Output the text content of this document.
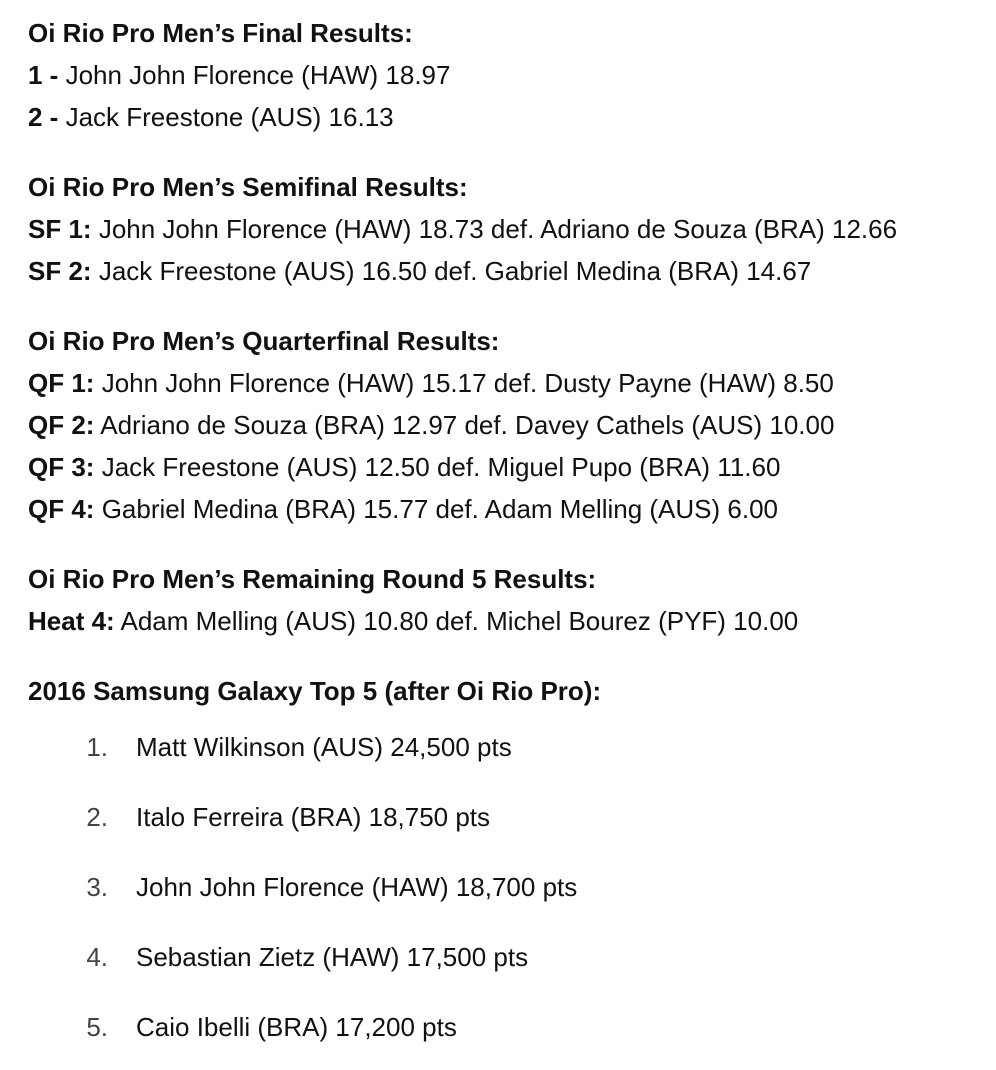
Oi Rio Pro Men’s Final Results:
1 - John John Florence (HAW) 18.97
2 - Jack Freestone (AUS) 16.13
Oi Rio Pro Men’s Semifinal Results:
SF 1: John John Florence (HAW) 18.73 def. Adriano de Souza (BRA) 12.66
SF 2: Jack Freestone (AUS) 16.50 def. Gabriel Medina (BRA) 14.67
Oi Rio Pro Men’s Quarterfinal Results:
QF 1: John John Florence (HAW) 15.17 def. Dusty Payne (HAW) 8.50
QF 2: Adriano de Souza (BRA) 12.97 def. Davey Cathels (AUS) 10.00
QF 3: Jack Freestone (AUS) 12.50 def. Miguel Pupo (BRA) 11.60
QF 4: Gabriel Medina (BRA) 15.77 def. Adam Melling (AUS) 6.00
Oi Rio Pro Men’s Remaining Round 5 Results:
Heat 4: Adam Melling (AUS) 10.80 def. Michel Bourez (PYF) 10.00
2016 Samsung Galaxy Top 5 (after Oi Rio Pro):
1. Matt Wilkinson (AUS) 24,500 pts
2. Italo Ferreira (BRA) 18,750 pts
3. John John Florence (HAW) 18,700 pts
4. Sebastian Zietz (HAW) 17,500 pts
5. Caio Ibelli (BRA) 17,200 pts
